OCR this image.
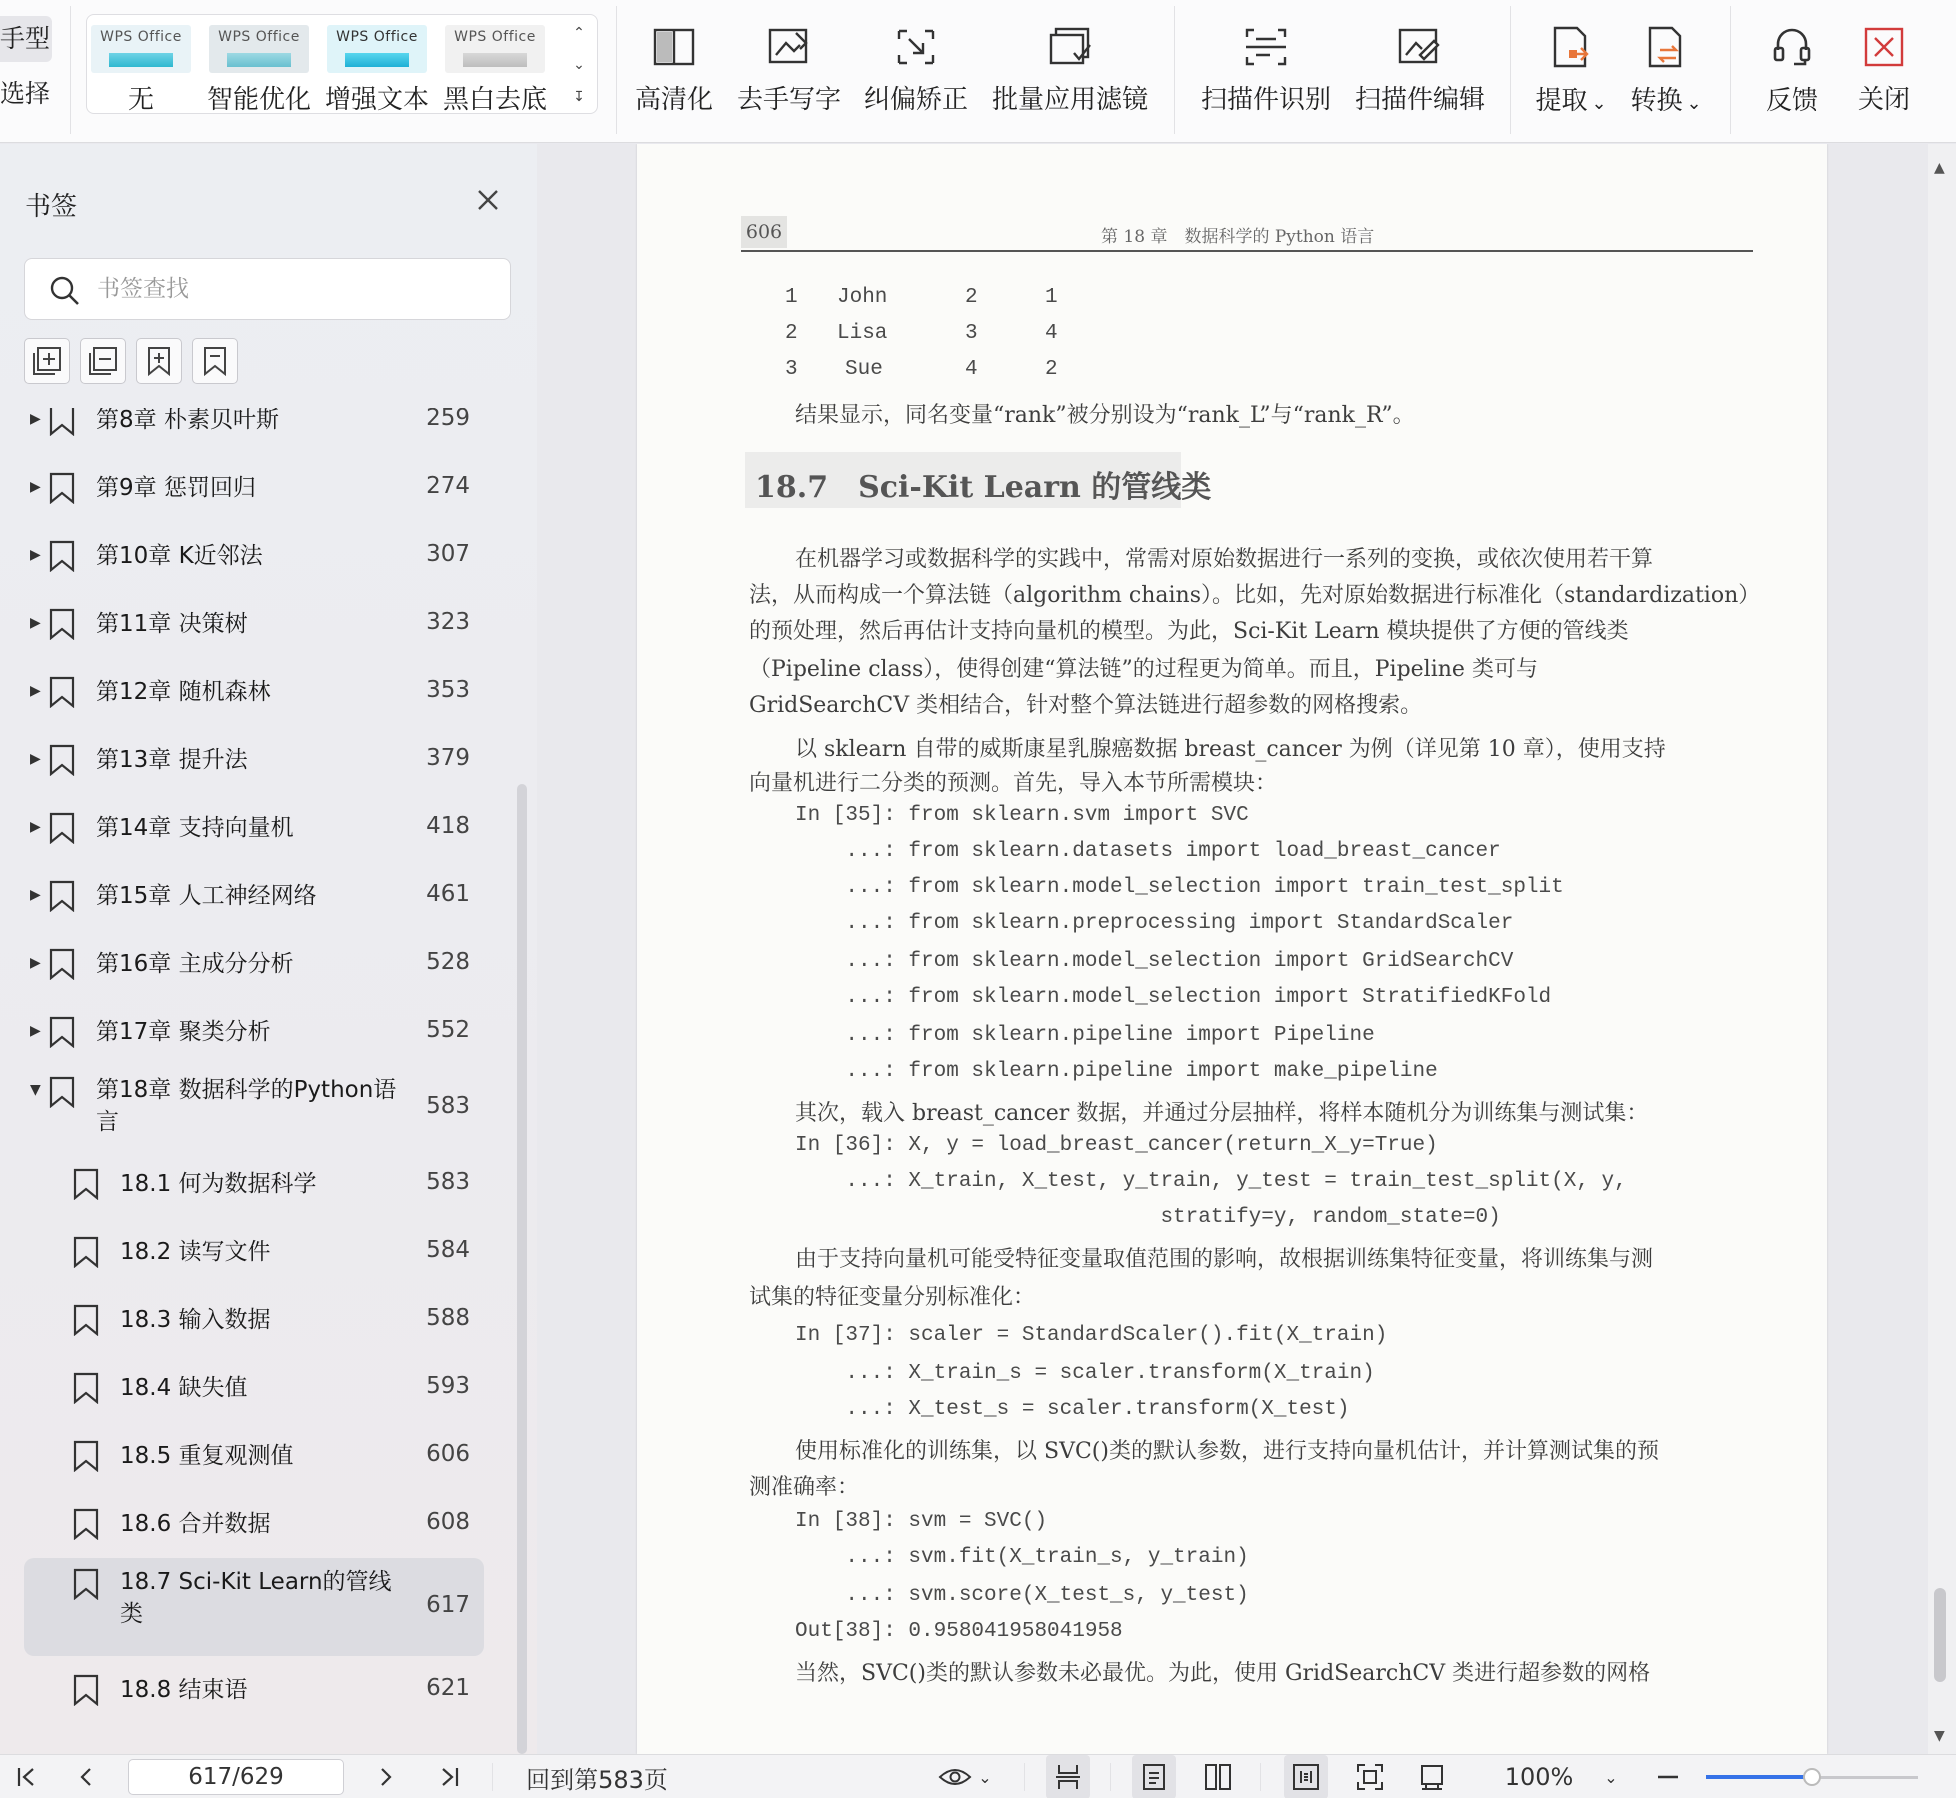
手型
选择
WPS Office
无
WPS Office
智能优化
WPS Office
增强文本
WPS Office
黑白去底
⌃
⌄
↧ 高清化 去手写字 纠偏矫正 批量应用滤镜 扫描件识别 扫描件编辑 提取 ⌄ 转换 ⌄ 反馈 关闭
书签
书签查找
▶ 第8章 朴素贝叶斯	259
▶ 第9章 惩罚回归	274
▶ 第10章 K近邻法	307
▶ 第11章 决策树	323
▶ 第12章 随机森林	353
▶ 第13章 提升法	379
▶ 第14章 支持向量机	418
▶ 第15章 人工神经网络	461
▶ 第16章 主成分分析	528
▶ 第17章 聚类分析	552
▼ 第18章 数据科学的Python语
言
583
18.1 何为数据科学	583
18.2 读写文件	584
18.3 输入数据	588
18.4 缺失值	593
18.5 重复观测值	606
18.6 合并数据	608
18.7 Sci-Kit Learn的管线
类	617
18.8 结束语	621
606	第 18 章　数据科学的 Python 语言
18.7　Sci-Kit Learn 的管线类
1 John	2	1
2 Lisa	3	4
3 Sue	4	2
结果显示，同名变量“rank”被分别设为“rank_L”与“rank_R”。
在机器学习或数据科学的实践中，常需对原始数据进行一系列的变换，或依次使用若干算
法，从而构成一个算法链（algorithm chains）。比如，先对原始数据进行标准化（standardization）
的预处理，然后再估计支持向量机的模型。为此，Sci-Kit Learn 模块提供了方便的管线类
（Pipeline class），使得创建“算法链”的过程更为简单。而且，Pipeline 类可与
GridSearchCV 类相结合，针对整个算法链进行超参数的网格搜索。
以 sklearn 自带的威斯康星乳腺癌数据 breast_cancer 为例（详见第 10 章），使用支持
向量机进行二分类的预测。首先，导入本节所需模块：
In [35]: from sklearn.svm import SVC
...: from sklearn.datasets import load_breast_cancer
...: from sklearn.model_selection import train_test_split
...: from sklearn.preprocessing import StandardScaler
...: from sklearn.model_selection import GridSearchCV
...: from sklearn.model_selection import StratifiedKFold
...: from sklearn.pipeline import Pipeline
...: from sklearn.pipeline import make_pipeline
其次，载入 breast_cancer 数据，并通过分层抽样，将样本随机分为训练集与测试集：
In [36]: X, y = load_breast_cancer(return_X_y=True)
...: X_train, X_test, y_train, y_test = train_test_split(X, y,
stratify=y, random_state=0)
由于支持向量机可能受特征变量取值范围的影响，故根据训练集特征变量，将训练集与测
试集的特征变量分别标准化：
In [37]: scaler = StandardScaler().fit(X_train)
...: X_train_s = scaler.transform(X_train)
...: X_test_s = scaler.transform(X_test)
使用标准化的训练集，以 SVC()类的默认参数，进行支持向量机估计，并计算测试集的预
测准确率：
In [38]: svm = SVC()
...: svm.fit(X_train_s, y_train)
...: svm.score(X_test_s, y_test)
Out[38]: 0.958041958041958
当然，SVC()类的默认参数未必最优。为此，使用 GridSearchCV 类进行超参数的网格
▲
▼
617/629
回到第583页	⌄	100% ⌄
